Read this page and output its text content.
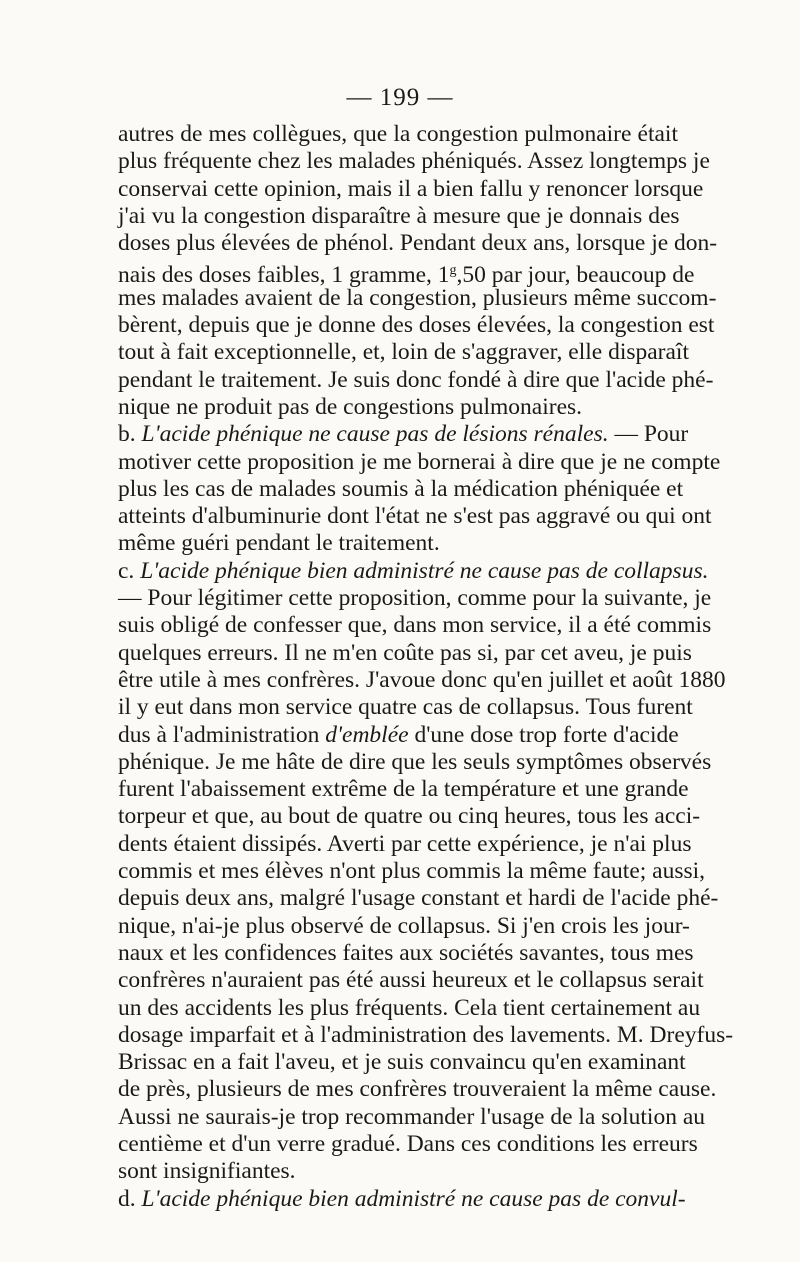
— 199 —
autres de mes collègues, que la congestion pulmonaire était
plus fréquente chez les malades phéniqués. Assez longtemps je
conservai cette opinion, mais il a bien fallu y renoncer lorsque
j'ai vu la congestion disparaître à mesure que je donnais des
doses plus élevées de phénol. Pendant deux ans, lorsque je don-
nais des doses faibles, 1 gramme, 1$^g$,50 par jour, beaucoup de
mes malades avaient de la congestion, plusieurs même succom-
bèrent, depuis que je donne des doses élevées, la congestion est
tout à fait exceptionnelle, et, loin de s'aggraver, elle disparaît
pendant le traitement. Je suis donc fondé à dire que l'acide phé-
nique ne produit pas de congestions pulmonaires.
b. L'acide phénique ne cause pas de lésions rénales. — Pour
motiver cette proposition je me bornerai à dire que je ne compte
plus les cas de malades soumis à la médication phéniquée et
atteints d'albuminurie dont l'état ne s'est pas aggravé ou qui ont
même guéri pendant le traitement.
c. L'acide phénique bien administré ne cause pas de collapsus.
— Pour légitimer cette proposition, comme pour la suivante, je
suis obligé de confesser que, dans mon service, il a été commis
quelques erreurs. Il ne m'en coûte pas si, par cet aveu, je puis
être utile à mes confrères. J'avoue donc qu'en juillet et août 1880
il y eut dans mon service quatre cas de collapsus. Tous furent
dus à l'administration d'emblée d'une dose trop forte d'acide
phénique. Je me hâte de dire que les seuls symptômes observés
furent l'abaissement extrême de la température et une grande
torpeur et que, au bout de quatre ou cinq heures, tous les acci-
dents étaient dissipés. Averti par cette expérience, je n'ai plus
commis et mes élèves n'ont plus commis la même faute; aussi,
depuis deux ans, malgré l'usage constant et hardi de l'acide phé-
nique, n'ai-je plus observé de collapsus. Si j'en crois les jour-
naux et les confidences faites aux sociétés savantes, tous mes
confrères n'auraient pas été aussi heureux et le collapsus serait
un des accidents les plus fréquents. Cela tient certainement au
dosage imparfait et à l'administration des lavements. M. Dreyfus-
Brissac en a fait l'aveu, et je suis convaincu qu'en examinant
de près, plusieurs de mes confrères trouveraient la même cause.
Aussi ne saurais-je trop recommander l'usage de la solution au
centième et d'un verre gradué. Dans ces conditions les erreurs
sont insignifiantes.
d. L'acide phénique bien administré ne cause pas de convul-
